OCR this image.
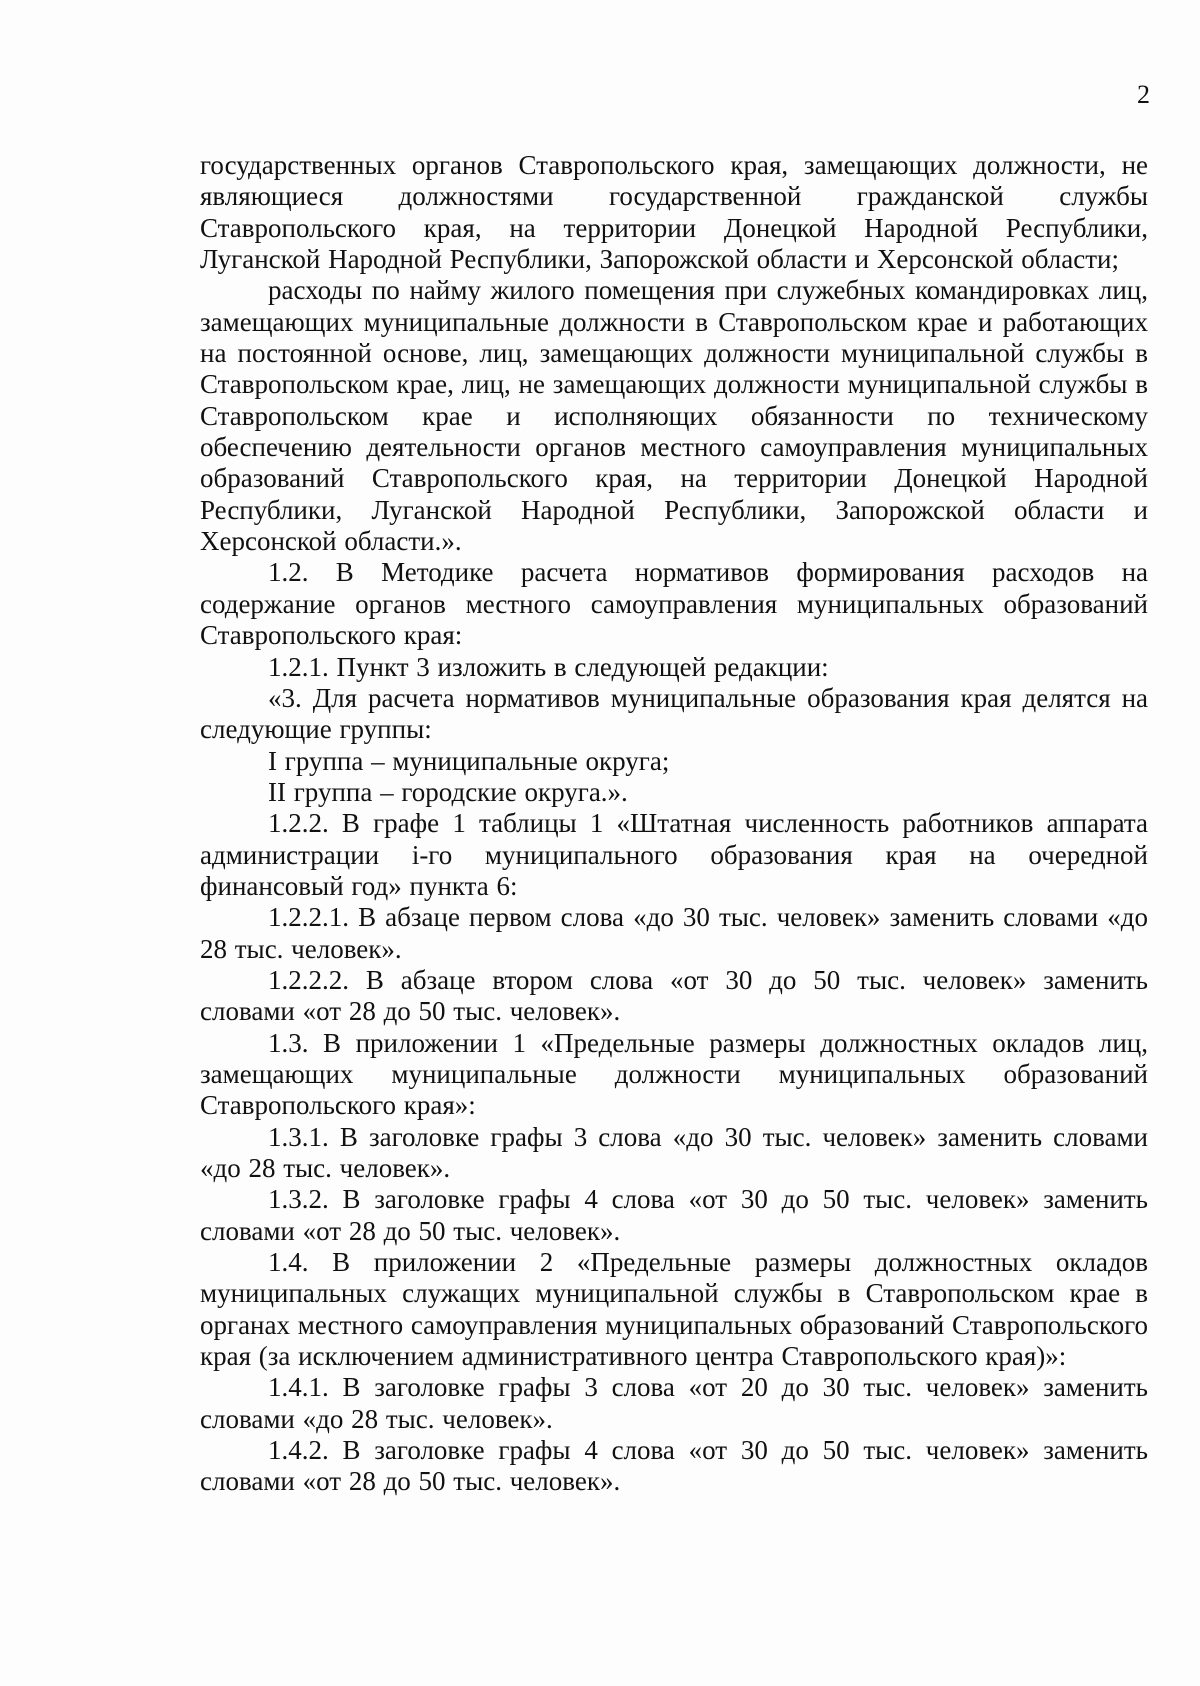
2

государственных органов Ставропольского края, замещающих должности, не являющиеся должностями государственной гражданской службы Ставропольского края, на территории Донецкой Народной Республики, Луганской Народной Республики, Запорожской области и Херсонской области;

расходы по найму жилого помещения при служебных командировках лиц, замещающих муниципальные должности в Ставропольском крае и работающих на постоянной основе, лиц, замещающих должности муниципальной службы в Ставропольском крае, лиц, не замещающих должности муниципальной службы в Ставропольском крае и исполняющих обязанности по техническому обеспечению деятельности органов местного самоуправления муниципальных образований Ставропольского края, на территории Донецкой Народной Республики, Луганской Народной Республики, Запорожской области и Херсонской области.».

1.2. В Методике расчета нормативов формирования расходов на содержание органов местного самоуправления муниципальных образований Ставропольского края:

1.2.1. Пункт 3 изложить в следующей редакции:

«3. Для расчета нормативов муниципальные образования края делятся на следующие группы:

I группа – муниципальные округа;

II группа – городские округа.».

1.2.2. В графе 1 таблицы 1 «Штатная численность работников аппарата администрации i-го муниципального образования края на очередной финансовый год» пункта 6:

1.2.2.1. В абзаце первом слова «до 30 тыс. человек» заменить словами «до 28 тыс. человек».

1.2.2.2. В абзаце втором слова «от 30 до 50 тыс. человек» заменить словами «от 28 до 50 тыс. человек».

1.3. В приложении 1 «Предельные размеры должностных окладов лиц, замещающих муниципальные должности муниципальных образований Ставропольского края»:

1.3.1. В заголовке графы 3 слова «до 30 тыс. человек» заменить словами «до 28 тыс. человек».

1.3.2. В заголовке графы 4 слова «от 30 до 50 тыс. человек» заменить словами «от 28 до 50 тыс. человек».

1.4. В приложении 2 «Предельные размеры должностных окладов муниципальных служащих муниципальной службы в Ставропольском крае в органах местного самоуправления муниципальных образований Ставропольского края (за исключением административного центра Ставропольского края)»:

1.4.1. В заголовке графы 3 слова «от 20 до 30 тыс. человек» заменить словами «до 28 тыс. человек».

1.4.2. В заголовке графы 4 слова «от 30 до 50 тыс. человек» заменить словами «от 28 до 50 тыс. человек».
